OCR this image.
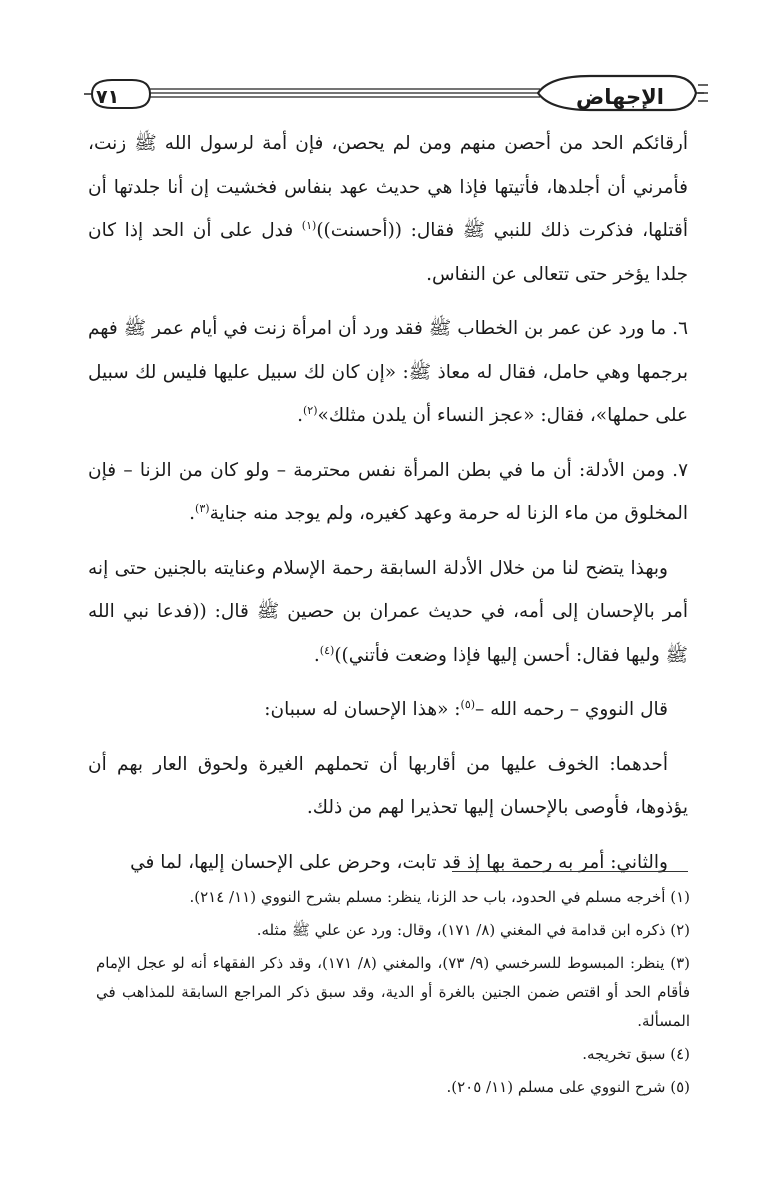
الإجهاض
٧١

أرقائكم الحد من أحصن منهم ومن لم يحصن، فإن أمة لرسول الله ﷺ زنت، فأمرني أن أجلدها، فأتيتها فإذا هي حديث عهد بنفاس فخشيت إن أنا جلدتها أن أقتلها، فذكرت ذلك للنبي ﷺ فقال: ((أحسنت))$^{(١)}$ فدل على أن الحد إذا كان جلدا يؤخر حتى تتعالى عن النفاس.

٦. ما ورد عن عمر بن الخطاب ﷺ فقد ورد أن امرأة زنت في أيام عمر ﷺ فهم برجمها وهي حامل، فقال له معاذ ﷺ: «إن كان لك سبيل عليها فليس لك سبيل على حملها»، فقال: «عجز النساء أن يلدن مثلك»$^{(٢)}$.

٧. ومن الأدلة: أن ما في بطن المرأة نفس محترمة – ولو كان من الزنا – فإن المخلوق من ماء الزنا له حرمة وعهد كغيره، ولم يوجد منه جناية$^{(٣)}$.

وبهذا يتضح لنا من خلال الأدلة السابقة رحمة الإسلام وعنايته بالجنين حتى إنه أمر بالإحسان إلى أمه، في حديث عمران بن حصين ﷺ قال: ((فدعا نبي الله ﷺ وليها فقال: أحسن إليها فإذا وضعت فأتني))$^{(٤)}$.

قال النووي – رحمه الله –$^{(٥)}$: «هذا الإحسان له سببان:

أحدهما: الخوف عليها من أقاربها أن تحملهم الغيرة ولحوق العار بهم أن يؤذوها، فأوصى بالإحسان إليها تحذيرا لهم من ذلك.

والثاني: أمر به رحمة بها إذ قد تابت، وحرض على الإحسان إليها، لما في

(١) أخرجه مسلم في الحدود، باب حد الزنا، ينظر: مسلم بشرح النووي (١١/ ٢١٤).
(٢) ذكره ابن قدامة في المغني (٨/ ١٧١)، وقال: ورد عن علي ﷺ مثله.
(٣) ينظر: المبسوط للسرخسي (٩/ ٧٣)، والمغني (٨/ ١٧١)، وقد ذكر الفقهاء أنه لو عجل الإمام فأقام الحد أو اقتص ضمن الجنين بالغرة أو الدية، وقد سبق ذكر المراجع السابقة للمذاهب في المسألة.
(٤) سبق تخريجه.
(٥) شرح النووي على مسلم (١١/ ٢٠٥).
